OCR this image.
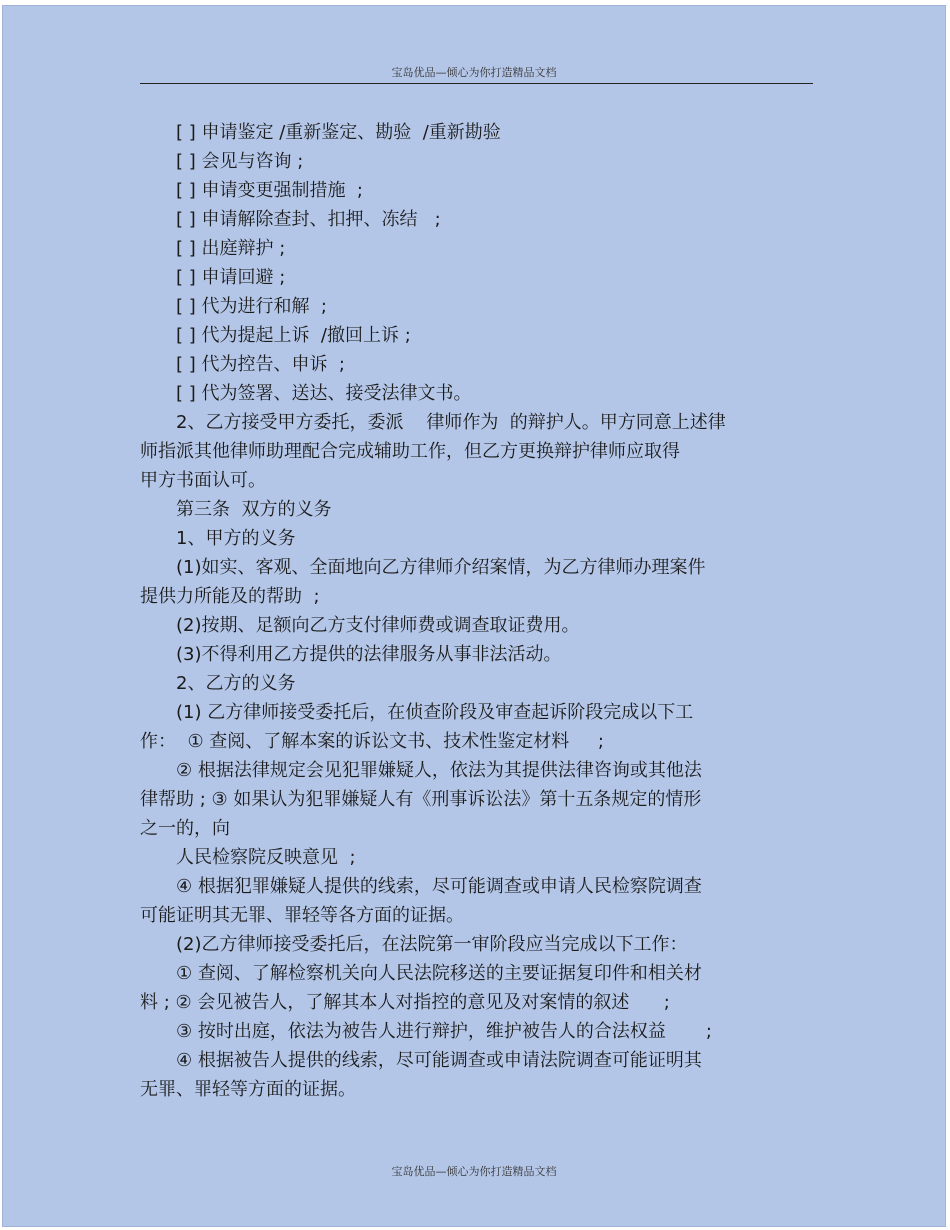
宝岛优品—倾心为你打造精品文档
[ ] 申请鉴定 /重新鉴定、勘验  /重新勘验
[ ] 会见与咨询 ;
[ ] 申请变更强制措施  ;
[ ] 申请解除查封、扣押、冻结   ;
[ ] 出庭辩护 ;
[ ] 申请回避 ;
[ ] 代为进行和解  ;
[ ] 代为提起上诉  /撤回上诉 ;
[ ] 代为控告、申诉  ;
[ ] 代为签署、送达、接受法律文书。
2、乙方接受甲方委托，委派    律师作为  的辩护人。甲方同意上述律
师指派其他律师助理配合完成辅助工作，但乙方更换辩护律师应取得
甲方书面认可。
第三条  双方的义务
1、甲方的义务
(1)如实、客观、全面地向乙方律师介绍案情，为乙方律师办理案件
提供力所能及的帮助  ;
(2)按期、足额向乙方支付律师费或调查取证费用。
(3)不得利用乙方提供的法律服务从事非法活动。
2、乙方的义务
(1) 乙方律师接受委托后，在侦查阶段及审查起诉阶段完成以下工
作：  ① 查阅、了解本案的诉讼文书、技术性鉴定材料     ;
② 根据法律规定会见犯罪嫌疑人，依法为其提供法律咨询或其他法
律帮助 ; ③ 如果认为犯罪嫌疑人有《刑事诉讼法》第十五条规定的情形
之一的，向
人民检察院反映意见  ;
④ 根据犯罪嫌疑人提供的线索，尽可能调查或申请人民检察院调查
可能证明其无罪、罪轻等各方面的证据。
(2)乙方律师接受委托后，在法院第一审阶段应当完成以下工作：
① 查阅、了解检察机关向人民法院移送的主要证据复印件和相关材
料 ; ② 会见被告人，了解其本人对指控的意见及对案情的叙述      ;
③ 按时出庭，依法为被告人进行辩护，维护被告人的合法权益       ;
④ 根据被告人提供的线索，尽可能调查或申请法院调查可能证明其
无罪、罪轻等方面的证据。
宝岛优品—倾心为你打造精品文档
